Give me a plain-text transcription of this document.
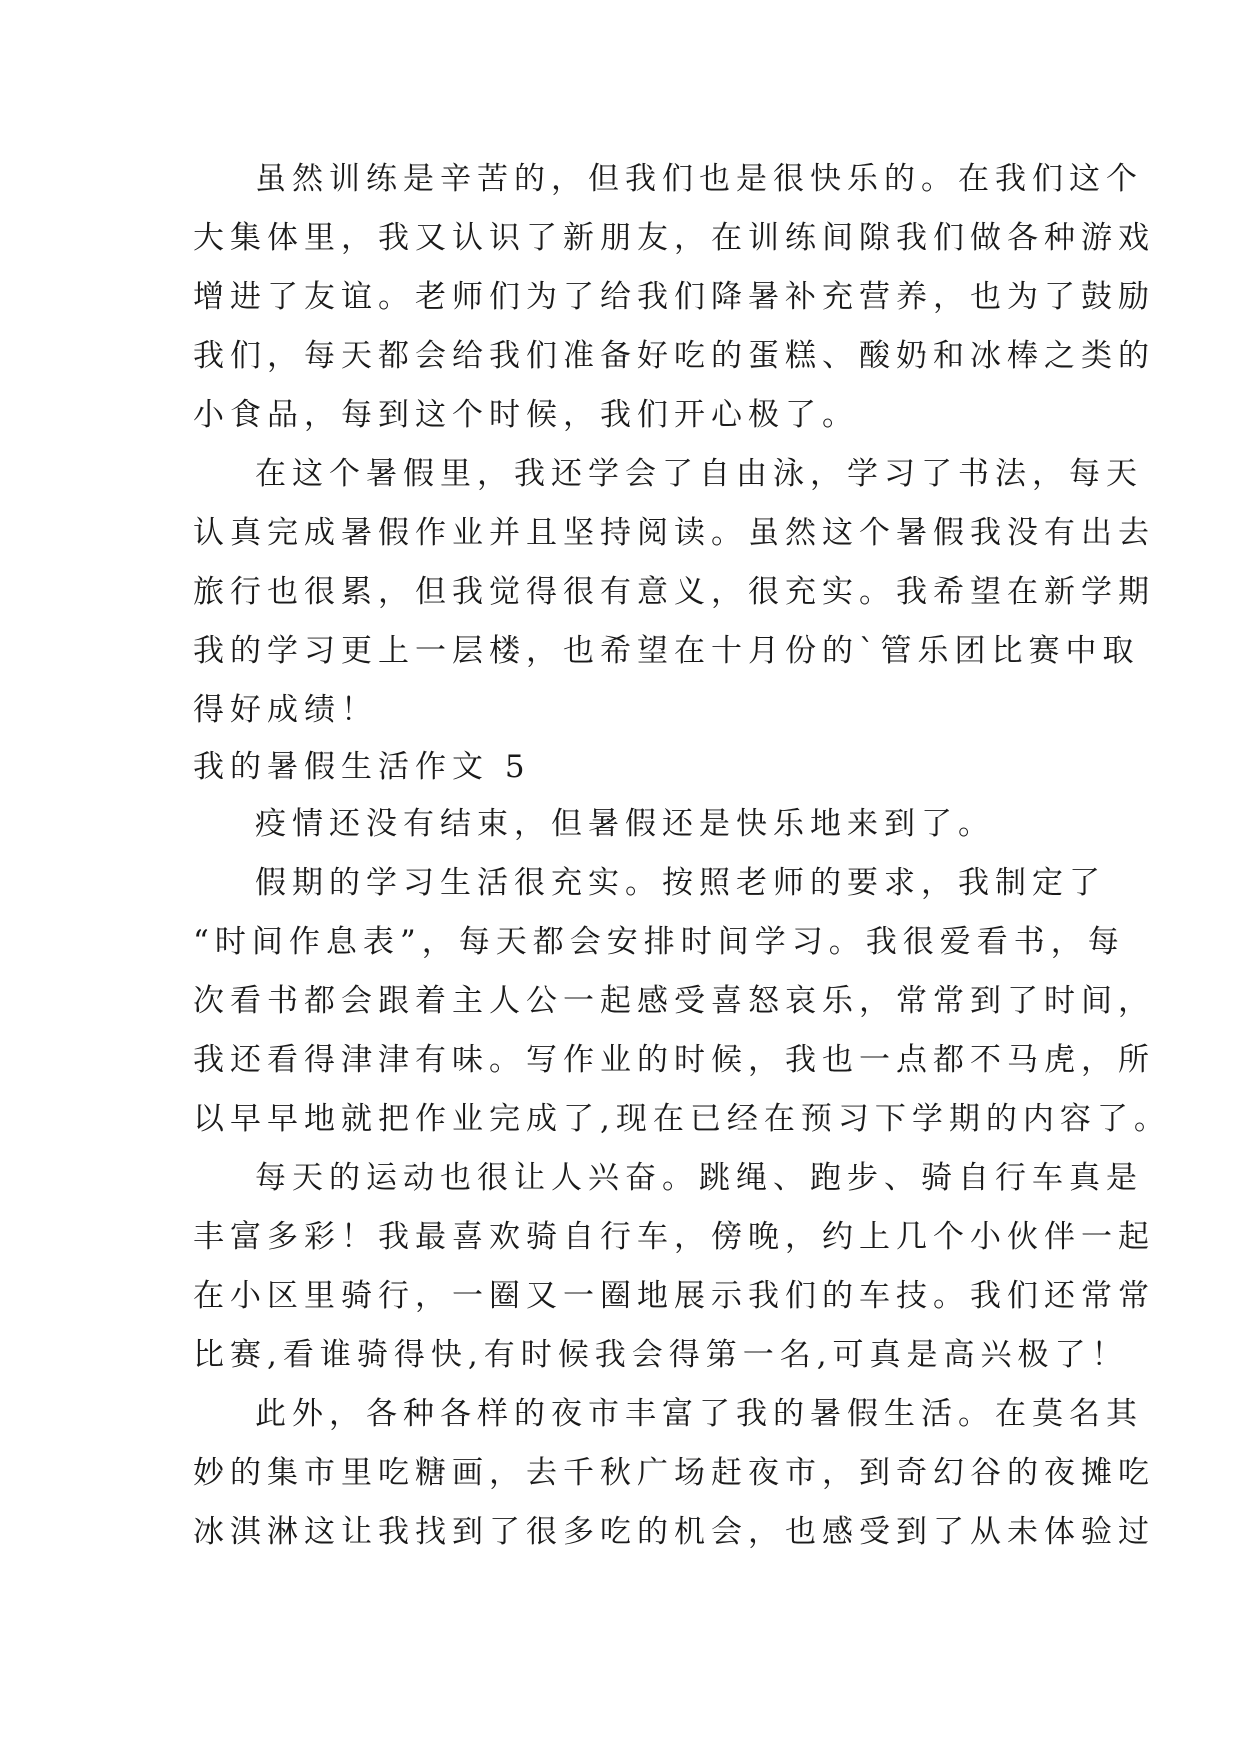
虽然训练是辛苦的，但我们也是很快乐的。在我们这个
大集体里，我又认识了新朋友，在训练间隙我们做各种游戏
增进了友谊。老师们为了给我们降暑补充营养，也为了鼓励
我们，每天都会给我们准备好吃的蛋糕、酸奶和冰棒之类的
小食品，每到这个时候，我们开心极了。
在这个暑假里，我还学会了自由泳，学习了书法，每天
认真完成暑假作业并且坚持阅读。虽然这个暑假我没有出去
旅行也很累，但我觉得很有意义，很充实。我希望在新学期
我的学习更上一层楼，也希望在十月份的`管乐团比赛中取
得好成绩！
我的暑假生活作文 5
疫情还没有结束，但暑假还是快乐地来到了。
假期的学习生活很充实。按照老师的要求，我制定了
“时间作息表”，每天都会安排时间学习。我很爱看书，每
次看书都会跟着主人公一起感受喜怒哀乐，常常到了时间，
我还看得津津有味。写作业的时候，我也一点都不马虎，所
以早早地就把作业完成了,现在已经在预习下学期的内容了。
每天的运动也很让人兴奋。跳绳、跑步、骑自行车真是
丰富多彩！我最喜欢骑自行车，傍晚，约上几个小伙伴一起
在小区里骑行，一圈又一圈地展示我们的车技。我们还常常
比赛,看谁骑得快,有时候我会得第一名,可真是高兴极了！
此外，各种各样的夜市丰富了我的暑假生活。在莫名其
妙的集市里吃糖画，去千秋广场赶夜市，到奇幻谷的夜摊吃
冰淇淋这让我找到了很多吃的机会，也感受到了从未体验过
